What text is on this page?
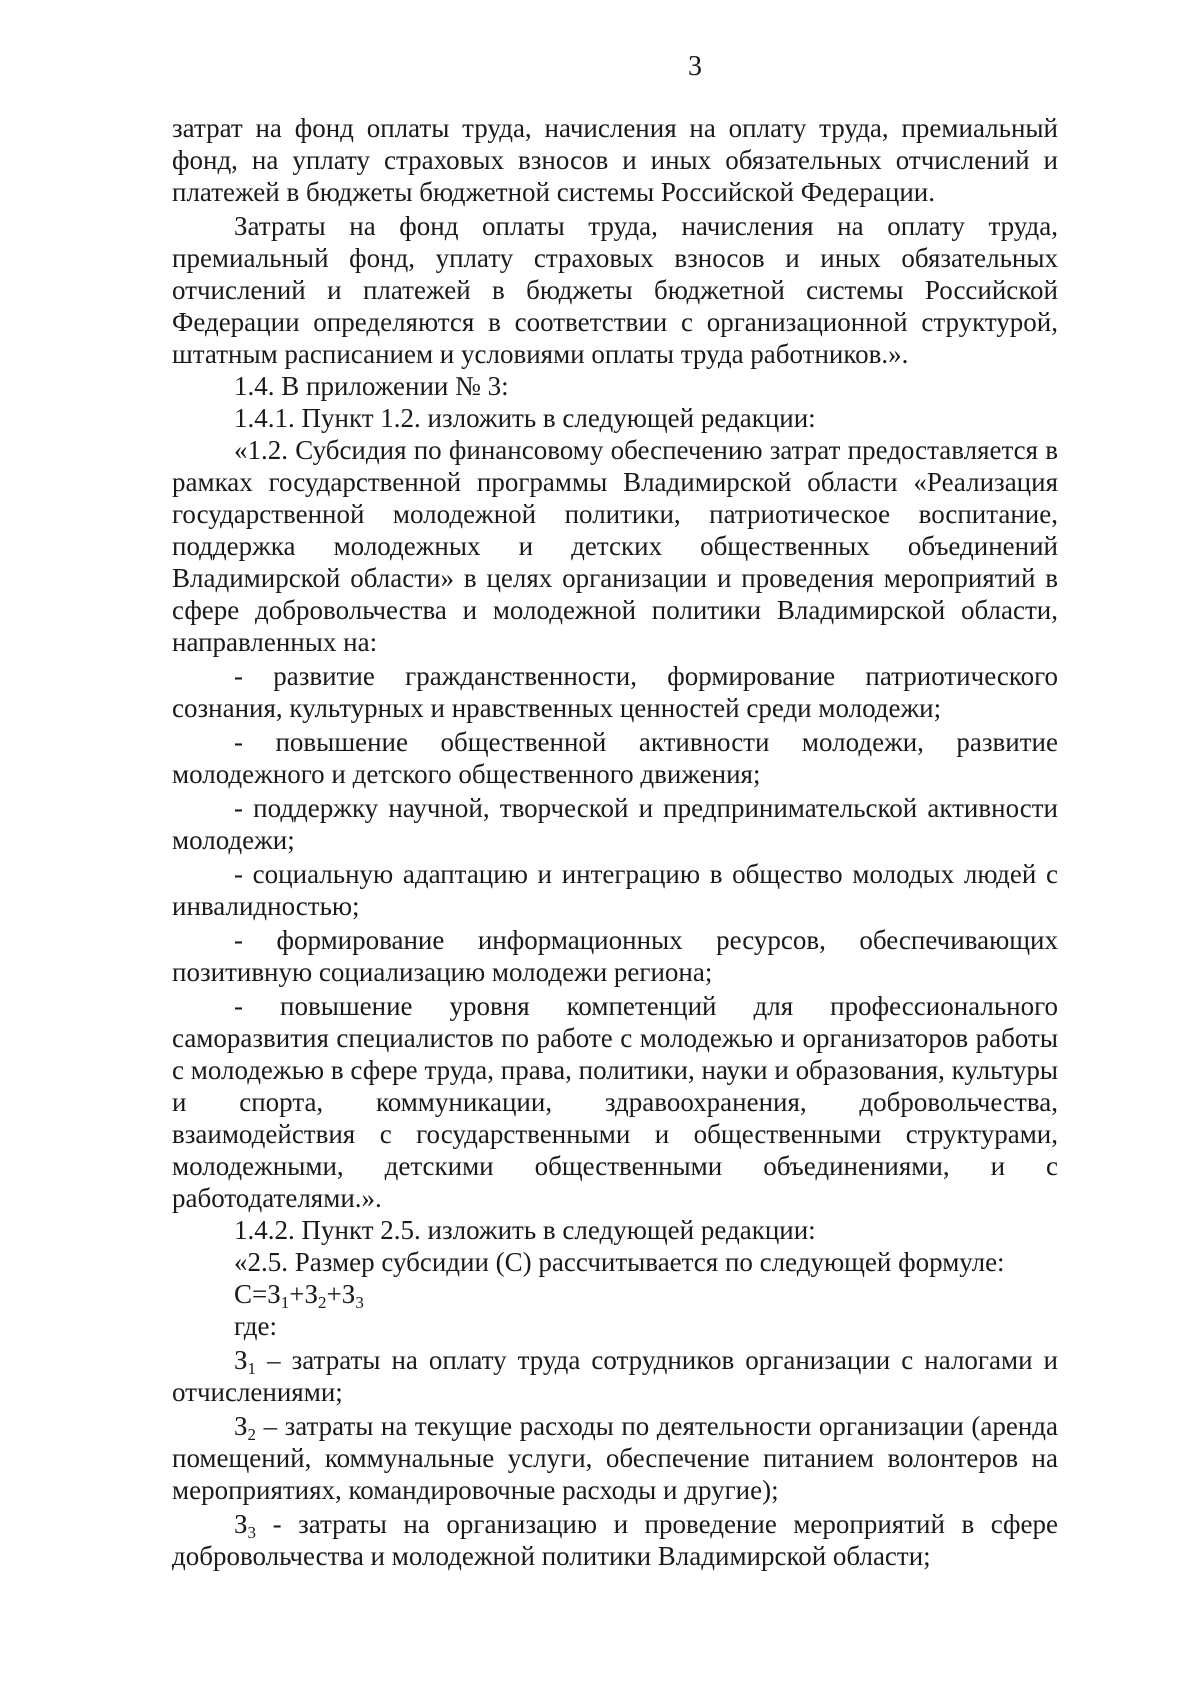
3

затрат на фонд оплаты труда, начисления на оплату труда, премиальный фонд, на уплату страховых взносов и иных обязательных отчислений и платежей в бюджеты бюджетной системы Российской Федерации.

Затраты на фонд оплаты труда, начисления на оплату труда, премиальный фонд, уплату страховых взносов и иных обязательных отчислений и платежей в бюджеты бюджетной системы Российской Федерации определяются в соответствии с организационной структурой, штатным расписанием и условиями оплаты труда работников.».

1.4. В приложении № 3:

1.4.1. Пункт 1.2. изложить в следующей редакции:

«1.2. Субсидия по финансовому обеспечению затрат предоставляется в рамках государственной программы Владимирской области «Реализация государственной молодежной политики, патриотическое воспитание, поддержка молодежных и детских общественных объединений Владимирской области» в целях организации и проведения мероприятий в сфере добровольчества и молодежной политики Владимирской области, направленных на:

- развитие гражданственности, формирование патриотического сознания, культурных и нравственных ценностей среди молодежи;

- повышение общественной активности молодежи, развитие молодежного и детского общественного движения;

- поддержку научной, творческой и предпринимательской активности молодежи;

- социальную адаптацию и интеграцию в общество молодых людей с инвалидностью;

- формирование информационных ресурсов, обеспечивающих позитивную социализацию молодежи региона;

- повышение уровня компетенций для профессионального саморазвития специалистов по работе с молодежью и организаторов работы с молодежью в сфере труда, права, политики, науки и образования, культуры и спорта, коммуникации, здравоохранения, добровольчества, взаимодействия с государственными и общественными структурами, молодежными, детскими общественными объединениями, и с работодателями.».

1.4.2. Пункт 2.5. изложить в следующей редакции:

«2.5. Размер субсидии (С) рассчитывается по следующей формуле:

$С=З_1+З_2+З_3$

где:

$З_1$ – затраты на оплату труда сотрудников организации с налогами и отчислениями;

$З_2$ – затраты на текущие расходы по деятельности организации (аренда помещений, коммунальные услуги, обеспечение питанием волонтеров на мероприятиях, командировочные расходы и другие);

$З_3$ - затраты на организацию и проведение мероприятий в сфере добровольчества и молодежной политики Владимирской области;
